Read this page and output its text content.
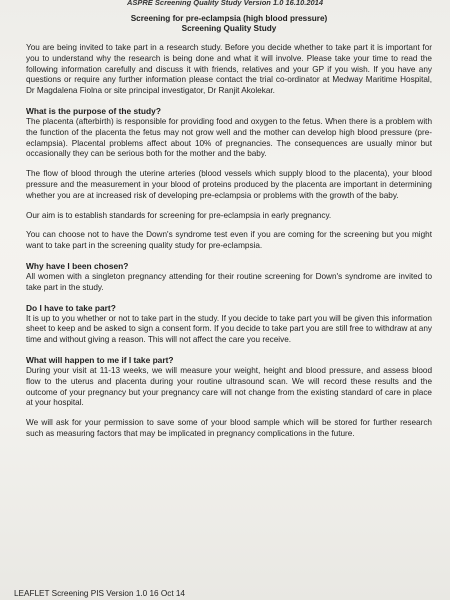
ASPRE Screening Quality Study Version 1.0 16.10.2014
Screening for pre-eclampsia (high blood pressure)
Screening Quality Study

You are being invited to take part in a research study. Before you decide whether to take part it is important for you to understand why the research is being done and what it will involve. Please take your time to read the following information carefully and discuss it with friends, relatives and your GP if you wish. If you have any questions or require any further information please contact the trial co-ordinator at Medway Maritime Hospital, Dr Magdalena Fiolna or site principal investigator, Dr Ranjit Akolekar.

What is the purpose of the study?

The placenta (afterbirth) is responsible for providing food and oxygen to the fetus. When there is a problem with the function of the placenta the fetus may not grow well and the mother can develop high blood pressure (pre-eclampsia). Placental problems affect about 10% of pregnancies. The consequences are usually minor but occasionally they can be serious both for the mother and the baby.

The flow of blood through the uterine arteries (blood vessels which supply blood to the placenta), your blood pressure and the measurement in your blood of proteins produced by the placenta are important in determining whether you are at increased risk of developing pre-eclampsia or problems with the growth of the baby.

Our aim is to establish standards for screening for pre-eclampsia in early pregnancy.

You can choose not to have the Down's syndrome test even if you are coming for the screening but you might want to take part in the screening quality study for pre-eclampsia.

Why have I been chosen?

All women with a singleton pregnancy attending for their routine screening for Down's syndrome are invited to take part in the study.

Do I have to take part?

It is up to you whether or not to take part in the study. If you decide to take part you will be given this information sheet to keep and be asked to sign a consent form. If you decide to take part you are still free to withdraw at any time and without giving a reason. This will not affect the care you receive.

What will happen to me if I take part?

During your visit at 11-13 weeks, we will measure your weight, height and blood pressure, and assess blood flow to the uterus and placenta during your routine ultrasound scan. We will record these results and the outcome of your pregnancy but your pregnancy care will not change from the existing standard of care in place at your hospital.

We will ask for your permission to save some of your blood sample which will be stored for further research such as measuring factors that may be implicated in pregnancy complications in the future.

LEAFLET Screening PIS Version 1.0 16 Oct 14
